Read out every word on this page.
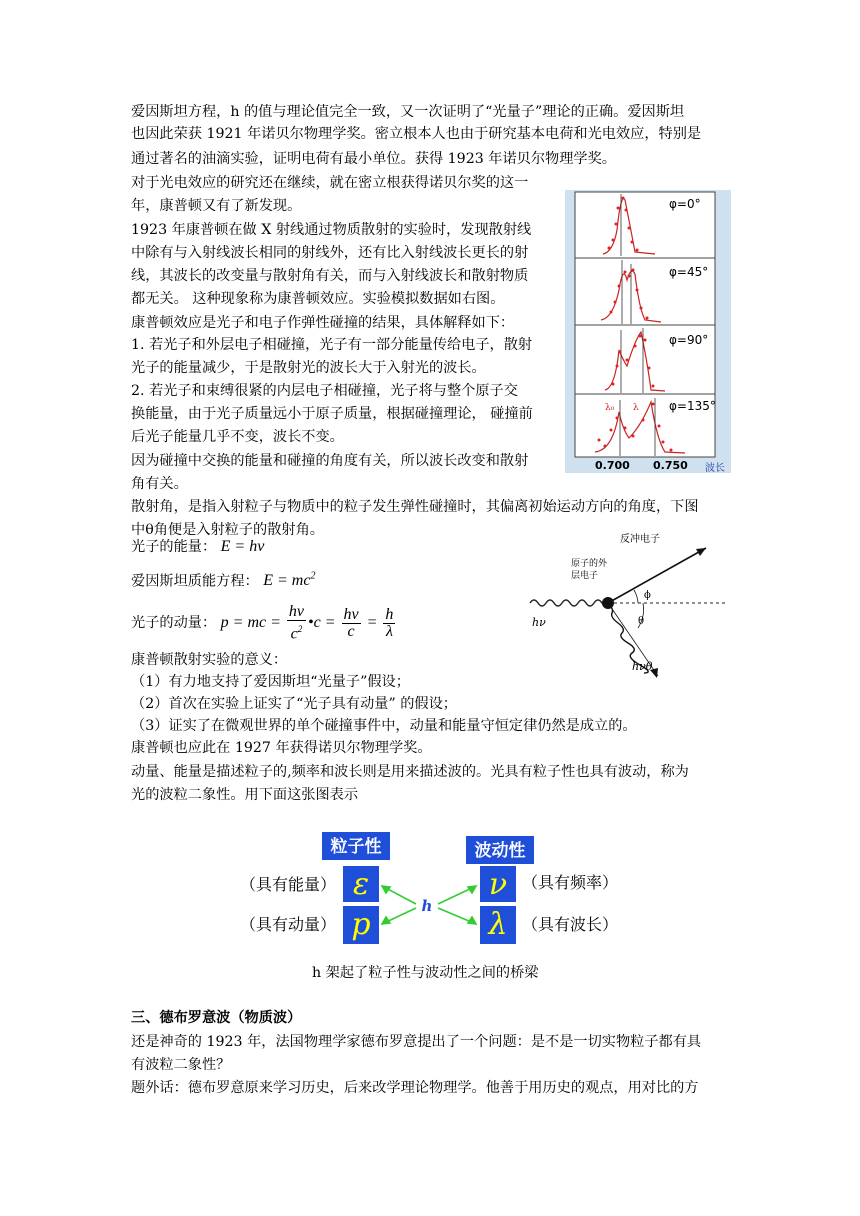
爱因斯坦方程，h 的值与理论值完全一致，又一次证明了“光量子”理论的正确。爱因斯坦
也因此荣获 1921 年诺贝尔物理学奖。密立根本人也由于研究基本电荷和光电效应，特别是
通过著名的油滴实验，证明电荷有最小单位。获得 1923 年诺贝尔物理学奖。
对于光电效应的研究还在继续，就在密立根获得诺贝尔奖的这一
年，康普顿又有了新发现。
1923 年康普顿在做 X 射线通过物质散射的实验时，发现散射线
中除有与入射线波长相同的射线外，还有比入射线波长更长的射
线，其波长的改变量与散射角有关，而与入射线波长和散射物质
都无关。 这种现象称为康普顿效应。实验模拟数据如右图。
康普顿效应是光子和电子作弹性碰撞的结果，具体解释如下：
1. 若光子和外层电子相碰撞，光子有一部分能量传给电子，散射
光子的能量减少，于是散射光的波长大于入射光的波长。
2. 若光子和束缚很紧的内层电子相碰撞，光子将与整个原子交
换能量，由于光子质量远小于原子质量，根据碰撞理论， 碰撞前
后光子能量几乎不变，波长不变。
因为碰撞中交换的能量和碰撞的角度有关，所以波长改变和散射
角有关。
散射角，是指入射粒子与物质中的粒子发生弹性碰撞时，其偏离初始运动方向的角度，下图
中θ角便是入射粒子的散射角。
光子的能量： E = hν
爱因斯坦质能方程： $E = mc^2$
光子的动量： p = mc = $\frac{h\nu}{c^2}$ •c = $\frac{h\nu}{c} = \frac{h}{\lambda}$
康普顿散射实验的意义：
（1）有力地支持了爱因斯坦“光量子”假设；
（2）首次在实验上证实了“光子具有动量” 的假设；
（3）证实了在微观世界的单个碰撞事件中，动量和能量守恒定律仍然是成立的。
康普顿也应此在 1927 年获得诺贝尔物理学奖。
动量、能量是描述粒子的,频率和波长则是用来描述波的。光具有粒子性也具有波动，称为
光的波粒二象性。用下面这张图表示
λ₀ λ
φ=0°
φ=45°
φ=90°
φ=135°
0.700 0.750 波长
ϕ
θ
反冲电子
原子的外
层电子
hν
hνθ
粒子性	波动性
ε
p
ν
λ
（具有能量）
（具有动量）
（具有频率）
（具有波长）
h
h 架起了粒子性与波动性之间的桥梁
三、德布罗意波（物质波）
还是神奇的 1923 年，法国物理学家德布罗意提出了一个问题：是不是一切实物粒子都有具
有波粒二象性？
题外话：德布罗意原来学习历史，后来改学理论物理学。他善于用历史的观点，用对比的方
